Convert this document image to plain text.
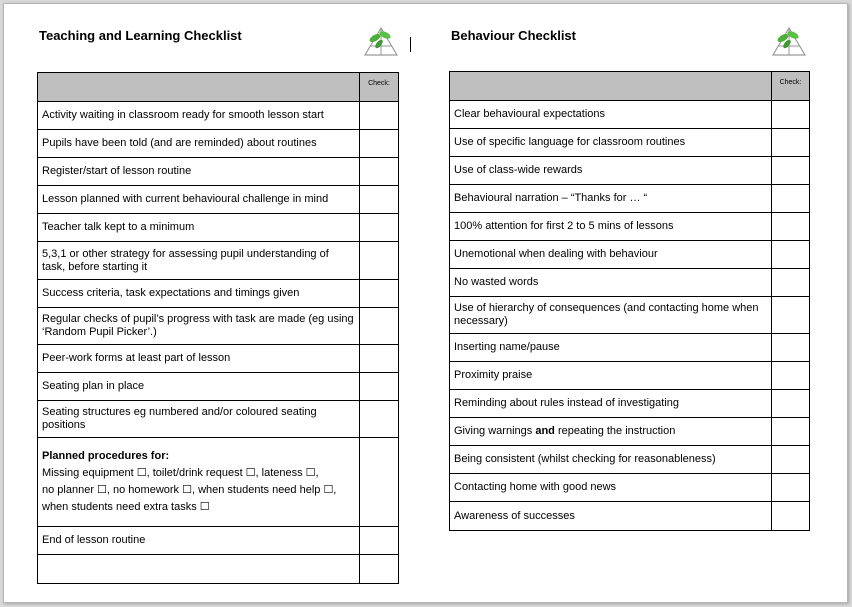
Teaching and Learning Checklist	Behaviour Checklist
	Check:
Activity waiting in classroom ready for smooth lesson start	
Pupils have been told (and are reminded) about routines	
Register/start of lesson routine	
Lesson planned with current behavioural challenge in mind	
Teacher talk kept to a minimum	
5,3,1 or other strategy for assessing pupil understanding of task, before starting it	
Success criteria, task expectations and timings given	
Regular checks of pupil’s progress with task are made (eg using ‘Random Pupil Picker’.)	
Peer-work forms at least part of lesson	
Seating plan in place	
Seating structures eg numbered and/or coloured seating positions	

Planned procedures for:
Missing equipment ☐, toilet/drink request ☐, lateness ☐,
no planner ☐, no homework ☐, when students need help ☐,
when students need extra tasks ☐	

End of lesson routine	

	Check:
Clear behavioural expectations	
Use of specific language for classroom routines	
Use of class-wide rewards	
Behavioural narration – “Thanks for … “	
100% attention for first 2 to 5 mins of lessons	
Unemotional when dealing with behaviour	
No wasted words	
Use of hierarchy of consequences (and contacting home when necessary)	
Inserting name/pause	
Proximity praise	
Reminding about rules instead of investigating	
Giving warnings and repeating the instruction	
Being consistent (whilst checking for reasonableness)	
Contacting home with good news	
Awareness of successes	
